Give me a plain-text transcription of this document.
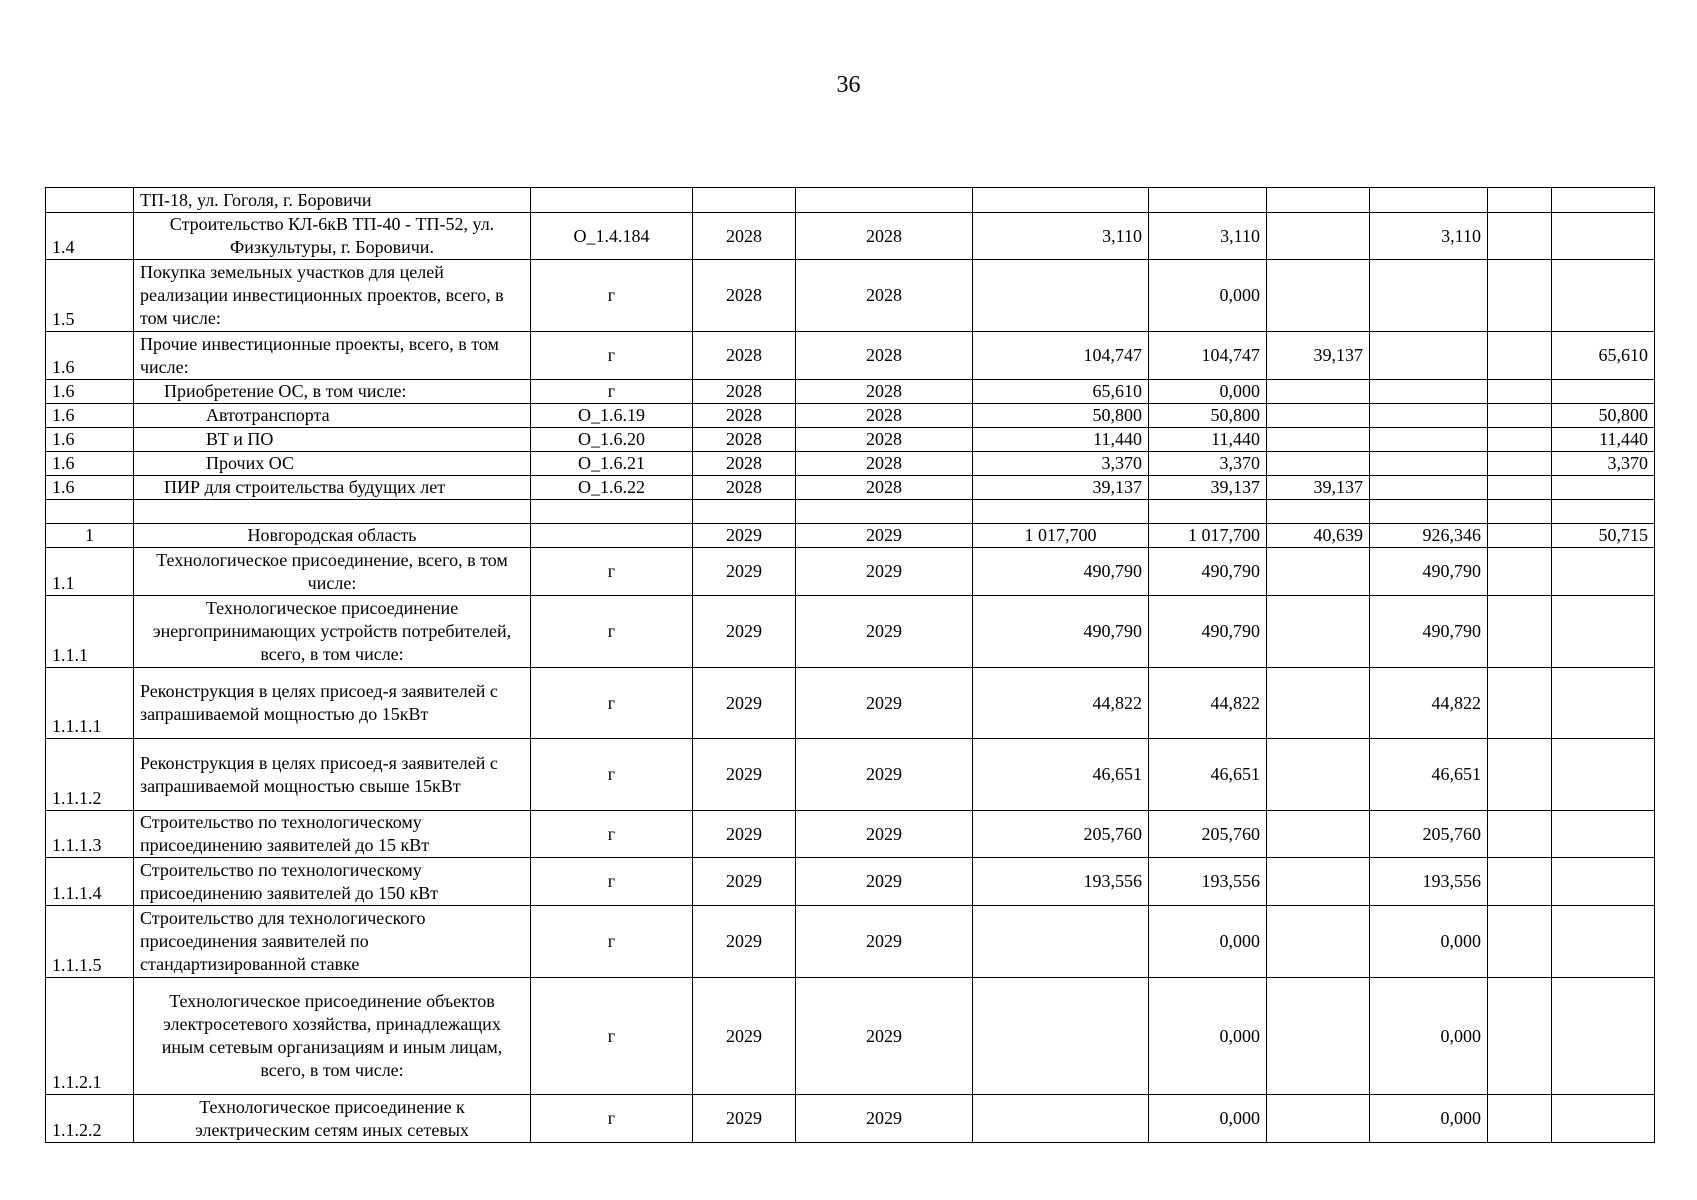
36
	ТП-18, ул. Гоголя, г. Боровичи									
1.4	Строительство КЛ-6кВ ТП-40 - ТП-52, ул. Физкультуры, г. Боровичи.	О_1.4.184	2028	2028	3,110	3,110		3,110		
1.5	Покупка земельных участков для целей реализации инвестиционных проектов, всего, в том числе:	г	2028	2028		0,000				
1.6	Прочие инвестиционные проекты, всего, в том числе:	г	2028	2028	104,747	104,747	39,137			65,610
1.6	Приобретение ОС, в том числе:	г	2028	2028	65,610	0,000				
1.6	Автотранспорта	О_1.6.19	2028	2028	50,800	50,800				50,800
1.6	ВТ и ПО	О_1.6.20	2028	2028	11,440	11,440				11,440
1.6	Прочих ОС	О_1.6.21	2028	2028	3,370	3,370				3,370
1.6	ПИР для строительства будущих лет	О_1.6.22	2028	2028	39,137	39,137	39,137			

1	Новгородская область		2029	2029	1 017,700	1 017,700	40,639	926,346		50,715
1.1	Технологическое присоединение, всего, в том числе:	г	2029	2029	490,790	490,790		490,790		
1.1.1	Технологическое присоединение энергопринимающих устройств потребителей, всего, в том числе:	г	2029	2029	490,790	490,790		490,790		
1.1.1.1	Реконструкция в целях присоед-я заявителей с запрашиваемой мощностью до 15кВт	г	2029	2029	44,822	44,822		44,822		
1.1.1.2	Реконструкция в целях присоед-я заявителей с запрашиваемой мощностью свыше 15кВт	г	2029	2029	46,651	46,651		46,651		
1.1.1.3	Строительство по технологическому присоединению заявителей до 15 кВт	г	2029	2029	205,760	205,760		205,760		
1.1.1.4	Строительство по технологическому присоединению заявителей до 150 кВт	г	2029	2029	193,556	193,556		193,556		
1.1.1.5	Строительство для технологического присоединения заявителей по стандартизированной ставке	г	2029	2029		0,000		0,000		
1.1.2.1	Технологическое присоединение объектов электросетевого хозяйства, принадлежащих иным сетевым организациям и иным лицам, всего, в том числе:	г	2029	2029		0,000		0,000		
1.1.2.2	Технологическое присоединение к электрическим сетям иных сетевых	г	2029	2029		0,000		0,000		
